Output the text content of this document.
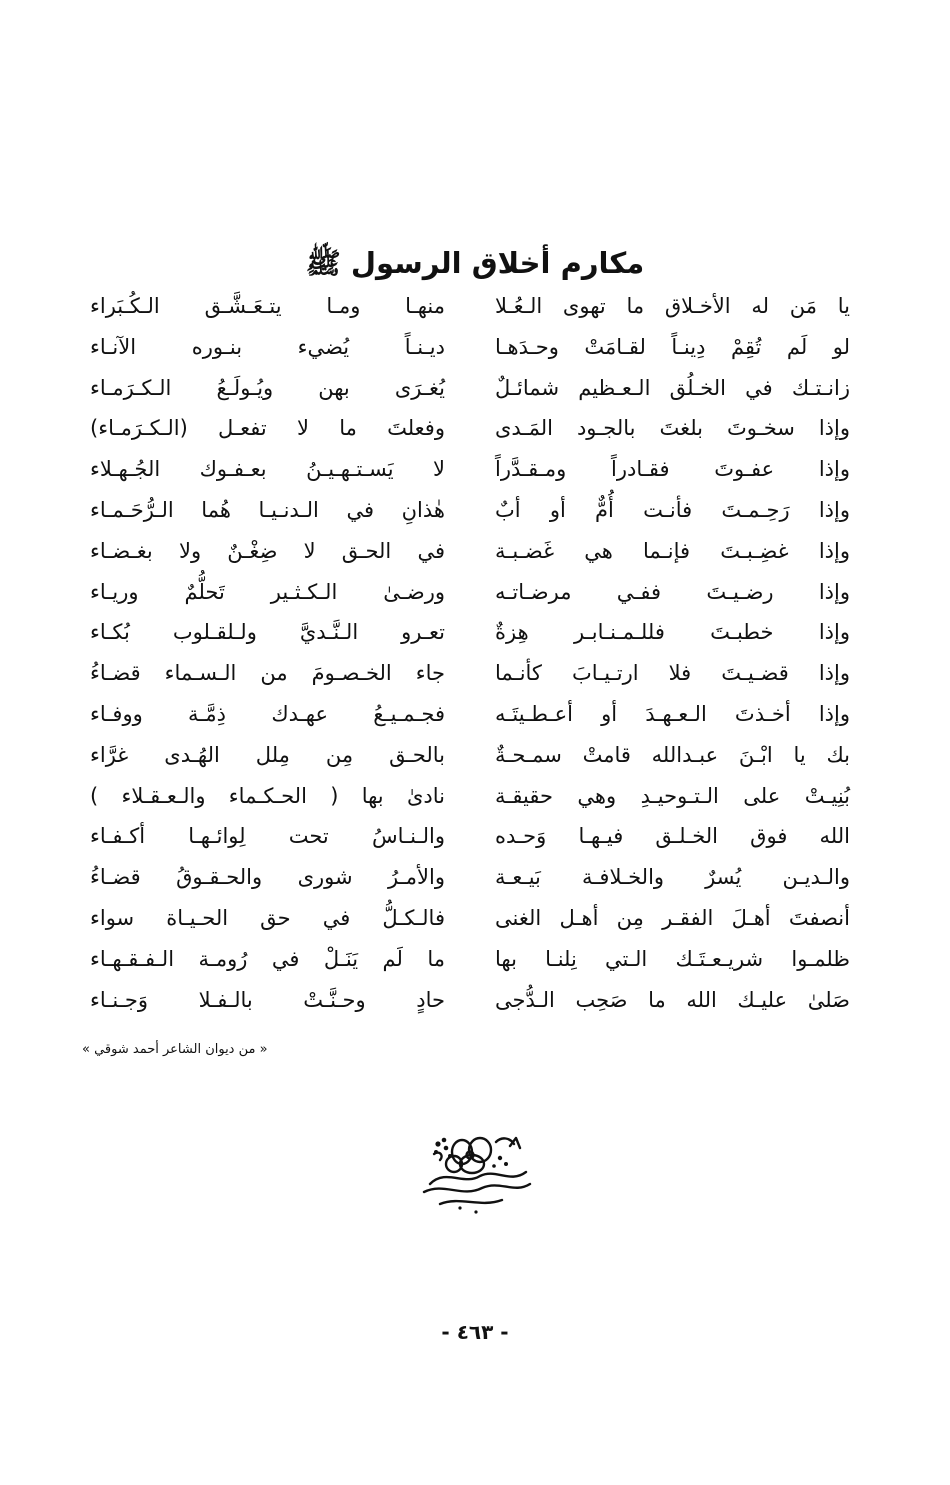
مكارم أخلاق الرسول ﷺ
يا مَن له الأخـلاق ما تهوى الـعُـلا
لو لَم تُقِمْ دِينـاً لقـامَتْ وحـدَهـا
زانـتـك في الخـلُق الـعـظيم شمائـلٌ
وإذا سخـوتَ بلغتَ بالجـود المَـدى
وإذا عفـوتَ فقـادراً ومـقـدَّراً
وإذا رَحِـمـتَ فأنـت أُمٌّ أو أبٌ
وإذا غضِـبـتَ فإنـما هي غَضـبـة
وإذا رضـيـتَ ففـي مرضـاتـه
وإذا خطبـتَ فللـمـنـابـر هِزةٌ
وإذا قضـيـتَ فلا ارتـيـابَ كأنـما
وإذا أخـذتَ الـعـهـدَ أو أعـطـيتَـه
بك يا ابْـنَ عبـدالله قامتْ سمـحـةٌ
بُنِيـتْ على الـتـوحيـدِ وهي حقيقـة
الله فوق الخـلـق فيـهـا وَحـده
والـديـن يُسرٌ والخـلافـة بَيـعـة
أنصفتَ أهـلَ الفقـر مِن أهـل الغنى
ظلمـوا شريـعـتَـك الـتي نِلنـا بها
صَلىٰ عليـك الله ما صَحِب الـدُّجى
منهـا ومـا يتـعَـشَّـق الـكُـبَراء
ديـنـاً يُضيء بنـوره الآنـاء
يُغـرَى بهن ويُـولَـعُ الـكـرَمـاء
وفعلتَ ما لا تفعـل (الـكـرَمـاء)
لا يَسـتـهـيـنُ بعـفـوك الجُـهـلاء
هٰذانِ في الـدنـيـا هُما الـرُّحَـمـاء
في الحـق لا ضِغْـنٌ ولا بغـضـاء
ورضـىٰ الـكـثـير تَحلُّمٌ وريـاء
تعـرو الـنَّـديَّ ولـلقـلوب بُكـاء
جاء الخـصـومَ من الـسـماء قضـاءُ
فجـمـيـعُ عهـدك ذِمَّـة ووفـاء
بالحـق مِن مِلل الهُـدى غرَّاء
نادىٰ بها ( الحـكـماء والـعـقـلاء )
والـنـاسُ تحت لِوائـهـا أكـفـاء
والأمـرُ شورى والحـقـوقُ قضـاءُ
فالـكـلُّ في حق الحـيـاة سواء
ما لَم يَنَـلْ في رُومـة الـفـقـهـاء
حادٍ وحـنَّـتْ بالـفـلا وَجـنـاء
« من ديوان الشاعر أحمد شوقي »
- ٤٦٣ -
